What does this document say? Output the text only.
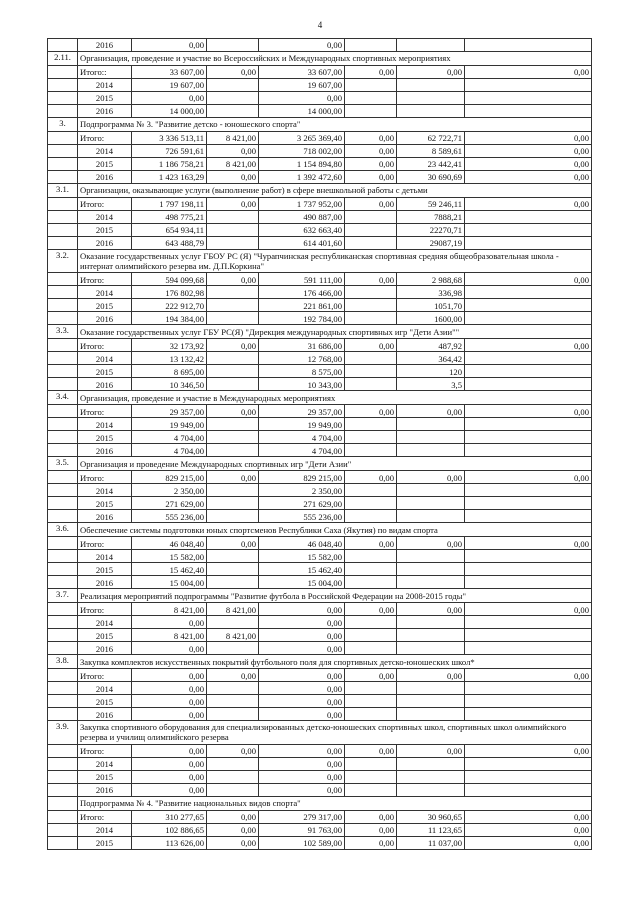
4
	2016	0,00		0,00			
2.11.	Организация, проведение и участие во Всероссийских и Международных спортивных мероприятиях						
	Итого::	33 607,00	0,00	33 607,00	0,00	0,00	0,00
	2014	19 607,00		19 607,00			
	2015	0,00		0,00			
	2016	14 000,00		14 000,00			
3.	Подпрограмма № 3. "Развитие детско - юношеского спорта"						
	Итого:	3 336 513,11	8 421,00	3 265 369,40	0,00	62 722,71	0,00
	2014	726 591,61	0,00	718 002,00	0,00	8 589,61	0,00
	2015	1 186 758,21	8 421,00	1 154 894,80	0,00	23 442,41	0,00
	2016	1 423 163,29	0,00	1 392 472,60	0,00	30 690,69	0,00
3.1.	Организации, оказывающие услуги (выполнение работ) в сфере внешкольной работы с детьми						
	Итого:	1 797 198,11	0,00	1 737 952,00	0,00	59 246,11	0,00
	2014	498 775,21		490 887,00		7888,21	
	2015	654 934,11		632 663,40		22270,71	
	2016	643 488,79		614 401,60		29087,19	
3.2.	Оказание государственных услуг ГБОУ РС (Я) "Чурапчинская республиканская спортивная средняя общеобразовательная школа - интернат олимпийского резерва им. Д.П.Коркина"						
	Итого:	594 099,68	0,00	591 111,00	0,00	2 988,68	0,00
	2014	176 802,98		176 466,00		336,98	
	2015	222 912,70		221 861,00		1051,70	
	2016	194 384,00		192 784,00		1600,00	
3.3.	Оказание государственных услуг ГБУ РС(Я) "Дирекция международных спортивных игр "Дети Азии""						
	Итого:	32 173,92	0,00	31 686,00	0,00	487,92	0,00
	2014	13 132,42		12 768,00		364,42	
	2015	8 695,00		8 575,00		120	
	2016	10 346,50		10 343,00		3,5	
3.4.	Организация, проведение и участие в Международных мероприятиях						
	Итого:	29 357,00	0,00	29 357,00	0,00	0,00	0,00
	2014	19 949,00		19 949,00			
	2015	4 704,00		4 704,00			
	2016	4 704,00		4 704,00			
3.5.	Организация и проведение Международных спортивных игр "Дети Азии"						
	Итого:	829 215,00	0,00	829 215,00	0,00	0,00	0,00
	2014	2 350,00		2 350,00			
	2015	271 629,00		271 629,00			
	2016	555 236,00		555 236,00			
3.6.	Обеспечение системы подготовки юных спортсменов Республики Саха (Якутия) по видам спорта						
	Итого:	46 048,40	0,00	46 048,40	0,00	0,00	0,00
	2014	15 582,00		15 582,00			
	2015	15 462,40		15 462,40			
	2016	15 004,00		15 004,00			
3.7.	Реализация мероприятий подпрограммы "Развитие футбола в Российской Федерации на 2008-2015 годы"						
	Итого:	8 421,00	8 421,00	0,00	0,00	0,00	0,00
	2014	0,00		0,00			
	2015	8 421,00	8 421,00	0,00			
	2016	0,00		0,00			
3.8.	Закупка комплектов искусственных покрытий футбольного поля для спортивных детско-юношеских школ*						
	Итого:	0,00	0,00	0,00	0,00	0,00	0,00
	2014	0,00		0,00			
	2015	0,00		0,00			
	2016	0,00		0,00			
3.9.	Закупка спортивного оборудования для специализированных детско-юношеских спортивных школ, спортивных школ олимпийского резерва и училищ олимпийского резерва						
	Итого:	0,00	0,00	0,00	0,00	0,00	0,00
	2014	0,00		0,00			
	2015	0,00		0,00			
	2016	0,00		0,00			
	Подпрограмма № 4. "Развитие национальных видов спорта"						
	Итого:	310 277,65	0,00	279 317,00	0,00	30 960,65	0,00
	2014	102 886,65	0,00	91 763,00	0,00	11 123,65	0,00
	2015	113 626,00	0,00	102 589,00	0,00	11 037,00	0,00
